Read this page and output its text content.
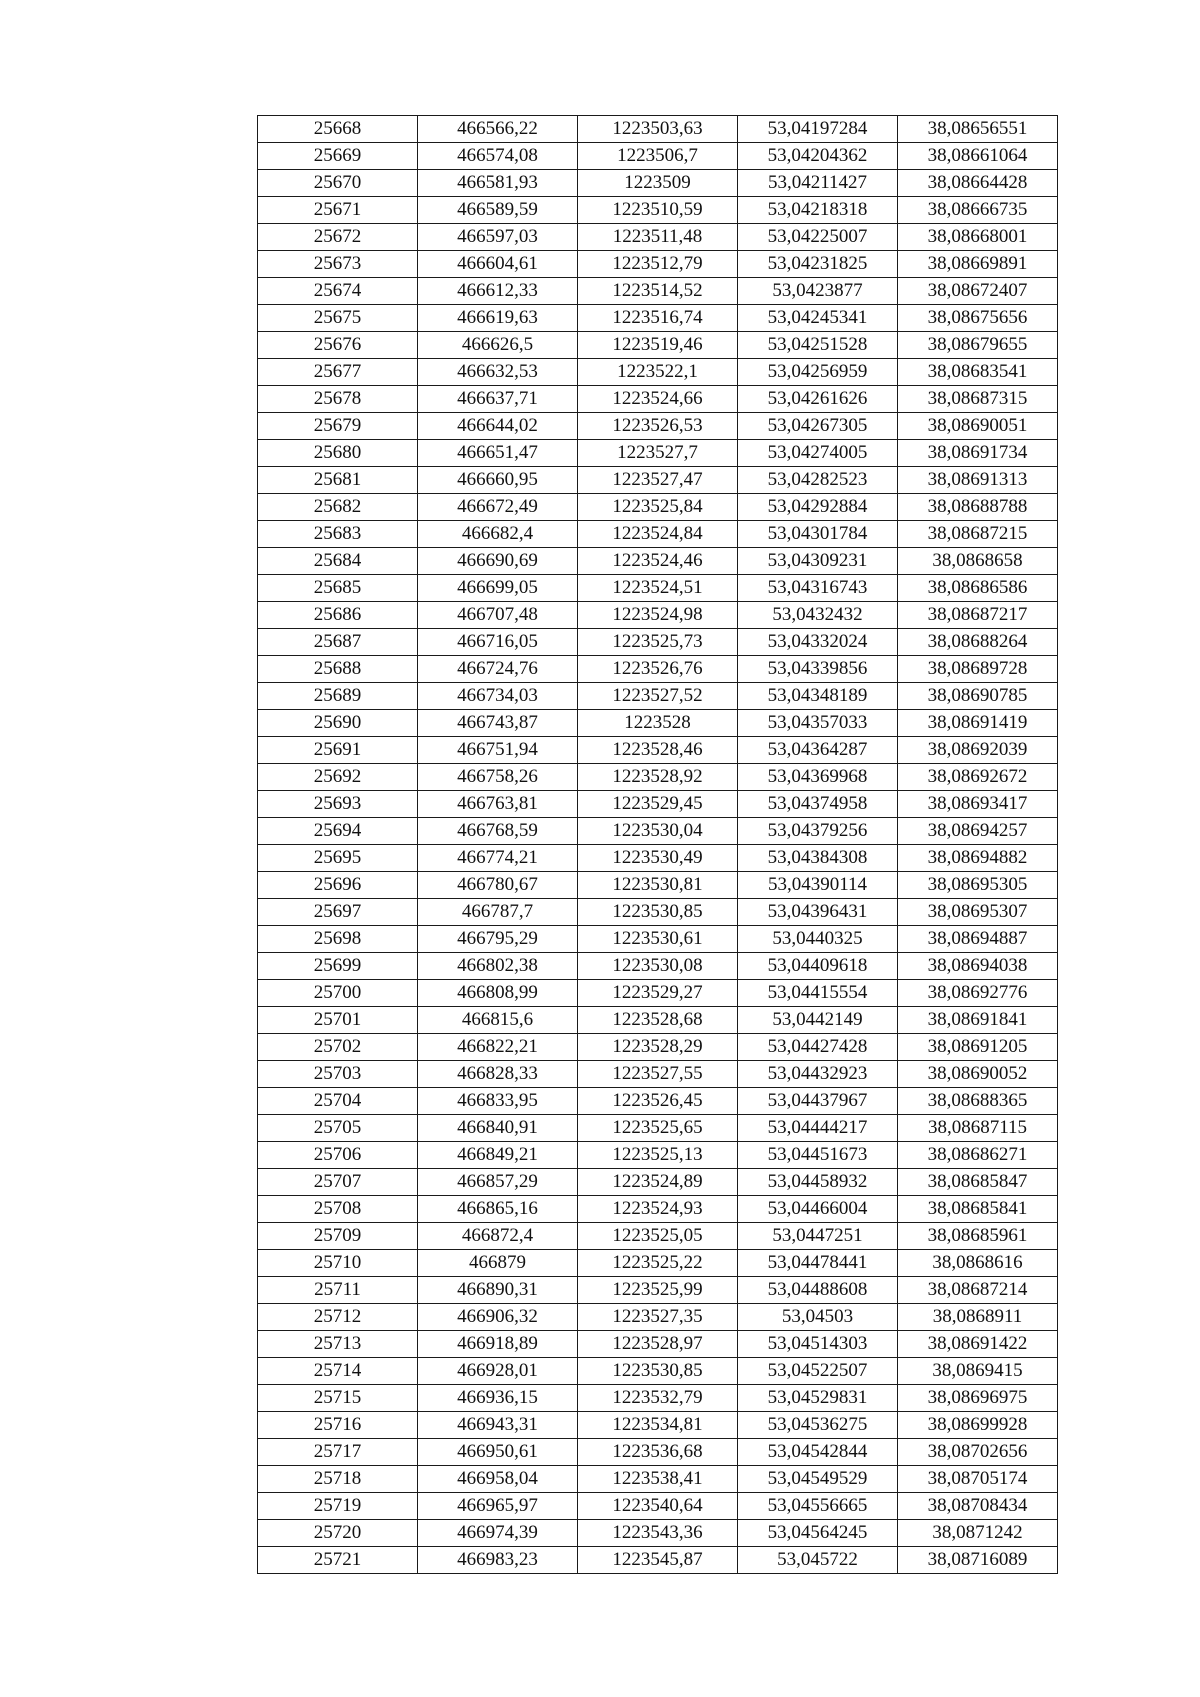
25668	466566,22	1223503,63	53,04197284	38,08656551
25669	466574,08	1223506,7	53,04204362	38,08661064
25670	466581,93	1223509	53,04211427	38,08664428
25671	466589,59	1223510,59	53,04218318	38,08666735
25672	466597,03	1223511,48	53,04225007	38,08668001
25673	466604,61	1223512,79	53,04231825	38,08669891
25674	466612,33	1223514,52	53,0423877	38,08672407
25675	466619,63	1223516,74	53,04245341	38,08675656
25676	466626,5	1223519,46	53,04251528	38,08679655
25677	466632,53	1223522,1	53,04256959	38,08683541
25678	466637,71	1223524,66	53,04261626	38,08687315
25679	466644,02	1223526,53	53,04267305	38,08690051
25680	466651,47	1223527,7	53,04274005	38,08691734
25681	466660,95	1223527,47	53,04282523	38,08691313
25682	466672,49	1223525,84	53,04292884	38,08688788
25683	466682,4	1223524,84	53,04301784	38,08687215
25684	466690,69	1223524,46	53,04309231	38,0868658
25685	466699,05	1223524,51	53,04316743	38,08686586
25686	466707,48	1223524,98	53,0432432	38,08687217
25687	466716,05	1223525,73	53,04332024	38,08688264
25688	466724,76	1223526,76	53,04339856	38,08689728
25689	466734,03	1223527,52	53,04348189	38,08690785
25690	466743,87	1223528	53,04357033	38,08691419
25691	466751,94	1223528,46	53,04364287	38,08692039
25692	466758,26	1223528,92	53,04369968	38,08692672
25693	466763,81	1223529,45	53,04374958	38,08693417
25694	466768,59	1223530,04	53,04379256	38,08694257
25695	466774,21	1223530,49	53,04384308	38,08694882
25696	466780,67	1223530,81	53,04390114	38,08695305
25697	466787,7	1223530,85	53,04396431	38,08695307
25698	466795,29	1223530,61	53,0440325	38,08694887
25699	466802,38	1223530,08	53,04409618	38,08694038
25700	466808,99	1223529,27	53,04415554	38,08692776
25701	466815,6	1223528,68	53,0442149	38,08691841
25702	466822,21	1223528,29	53,04427428	38,08691205
25703	466828,33	1223527,55	53,04432923	38,08690052
25704	466833,95	1223526,45	53,04437967	38,08688365
25705	466840,91	1223525,65	53,04444217	38,08687115
25706	466849,21	1223525,13	53,04451673	38,08686271
25707	466857,29	1223524,89	53,04458932	38,08685847
25708	466865,16	1223524,93	53,04466004	38,08685841
25709	466872,4	1223525,05	53,0447251	38,08685961
25710	466879	1223525,22	53,04478441	38,0868616
25711	466890,31	1223525,99	53,04488608	38,08687214
25712	466906,32	1223527,35	53,04503	38,0868911
25713	466918,89	1223528,97	53,04514303	38,08691422
25714	466928,01	1223530,85	53,04522507	38,0869415
25715	466936,15	1223532,79	53,04529831	38,08696975
25716	466943,31	1223534,81	53,04536275	38,08699928
25717	466950,61	1223536,68	53,04542844	38,08702656
25718	466958,04	1223538,41	53,04549529	38,08705174
25719	466965,97	1223540,64	53,04556665	38,08708434
25720	466974,39	1223543,36	53,04564245	38,0871242
25721	466983,23	1223545,87	53,045722	38,08716089
